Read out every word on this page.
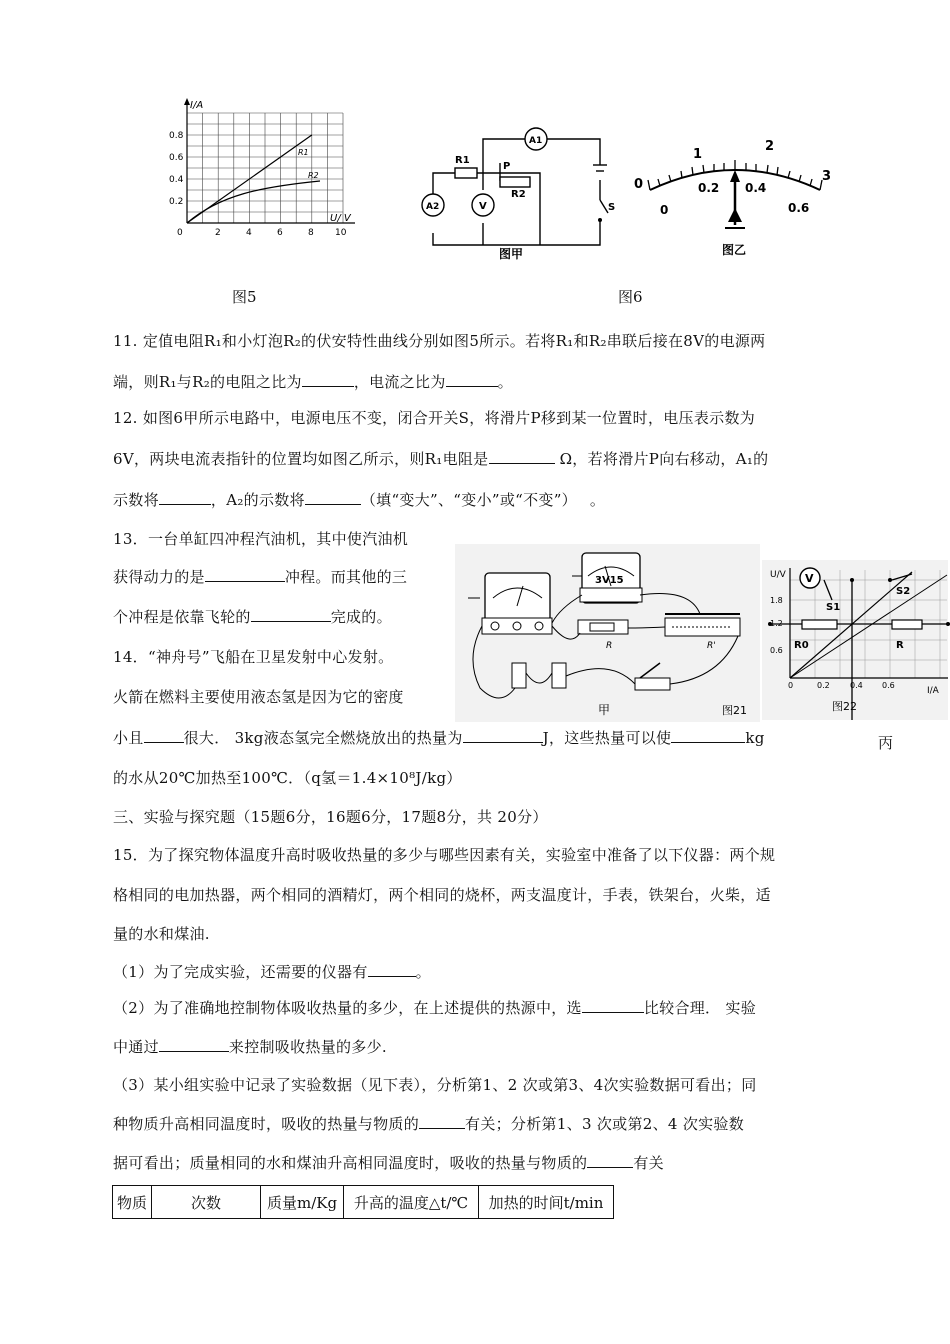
I/A
U/ V
0.8
0.6
0.4
0.2
0	2	4	6	8 10
R1
R2
A1
A2	V
R1
R2
P
S
图甲
0
1
2
3
0
0.2 0.4
0.6
图乙
图5	图6
11. 定值电阻R₁和小灯泡R₂的伏安特性曲线分别如图5所示。若将R₁和R₂串联后接在8V的电源两
端，则R₁与R₂的电阻之比为	，电流之比为	。
12. 如图6甲所示电路中，电源电压不变，闭合开关S，将滑片P移到某一位置时，电压表示数为
6V，两块电流表指针的位置均如图乙所示，则R₁电阻是	Ω，若将滑片P向右移动，A₁的
示数将	，A₂的示数将	（填“变大”、“变小”或“不变”）　 。
13．一台单缸四冲程汽油机，其中使汽油机
获得动力的是	冲程。而其他的三
个冲程是依靠飞轮的	完成的。
14．“神舟号”飞船在卫星发射中心发射。
火箭在燃料主要使用液态氢是因为它的密度
小且	很大． 3kg液态氢完全燃烧放出的热量为	J，这些热量可以使	kg
的水从20℃加热至100℃．（q氢＝1.4×10⁸J/kg）
3V15
R	R'
甲	图21
V
S1
S2
R0	R
U/V
I/A
1.8
1.2
0.6
0	0.2	0.4 0.6
图22
丙
三、实验与探究题（15题6分，16题6分，17题8分，共 20分）
15．为了探究物体温度升高时吸收热量的多少与哪些因素有关，实验室中准备了以下仪器：两个规
格相同的电加热器，两个相同的酒精灯，两个相同的烧杯，两支温度计，手表，铁架台，火柴，适
量的水和煤油.
（1）为了完成实验，还需要的仪器有	。
（2）为了准确地控制物体吸收热量的多少，在上述提供的热源中，选	比较合理． 实验
中通过	来控制吸收热量的多少.
（3）某小组实验中记录了实验数据（见下表），分析第1、2 次或第3、4次实验数据可看出；同
种物质升高相同温度时，吸收的热量与物质的	有关；分析第1、3 次或第2、4 次实验数
据可看出；质量相同的水和煤油升高相同温度时，吸收的热量与物质的	有关
物质	次数	质量m/Kg	升高的温度△t/℃	加热的时间t/min
